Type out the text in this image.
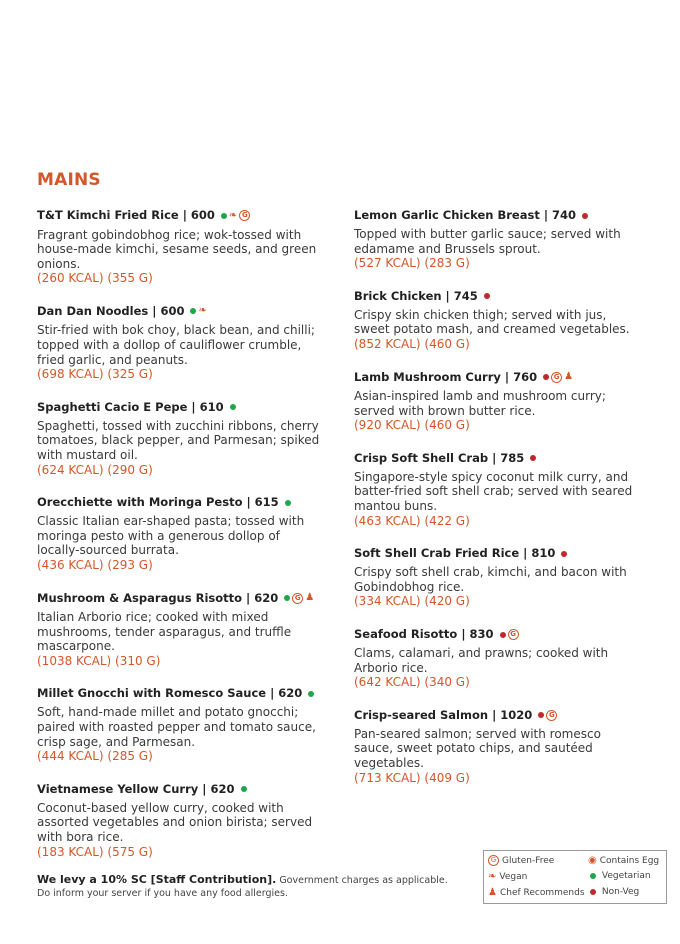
MAINS
T&T Kimchi Fried Rice | 600 ❧ G
Fragrant gobindobhog rice; wok-tossed with house-made kimchi, sesame seeds, and green onions.
(260 KCAL) (355 G)
Dan Dan Noodles | 600 ❧
Stir-fried with bok choy, black bean, and chilli; topped with a dollop of cauliflower crumble, fried garlic, and peanuts.
(698 KCAL) (325 G)
Spaghetti Cacio E Pepe | 610
Spaghetti, tossed with zucchini ribbons, cherry tomatoes, black pepper, and Parmesan; spiked with mustard oil.
(624 KCAL) (290 G)
Orecchiette with Moringa Pesto | 615
Classic Italian ear-shaped pasta; tossed with moringa pesto with a generous dollop of locally-sourced burrata.
(436 KCAL) (293 G)
Mushroom & Asparagus Risotto | 620 G ♟
Italian Arborio rice; cooked with mixed mushrooms, tender asparagus, and truffle mascarpone.
(1038 KCAL) (310 G)
Millet Gnocchi with Romesco Sauce | 620
Soft, hand-made millet and potato gnocchi; paired with roasted pepper and tomato sauce, crisp sage, and Parmesan.
(444 KCAL) (285 G)
Vietnamese Yellow Curry | 620
Coconut-based yellow curry, cooked with assorted vegetables and onion birista; served with bora rice.
(183 KCAL) (575 G)
Lemon Garlic Chicken Breast | 740
Topped with butter garlic sauce; served with edamame and Brussels sprout.
(527 KCAL) (283 G)
Brick Chicken | 745
Crispy skin chicken thigh; served with jus, sweet potato mash, and creamed vegetables.
(852 KCAL) (460 G)
Lamb Mushroom Curry | 760 G ♟
Asian-inspired lamb and mushroom curry; served with brown butter rice.
(920 KCAL) (460 G)
Crisp Soft Shell Crab | 785
Singapore-style spicy coconut milk curry, and batter-fried soft shell crab; served with seared mantou buns.
(463 KCAL) (422 G)
Soft Shell Crab Fried Rice | 810
Crispy soft shell crab, kimchi, and bacon with Gobindobhog rice.
(334 KCAL) (420 G)
Seafood Risotto | 830 G
Clams, calamari, and prawns; cooked with Arborio rice.
(642 KCAL) (340 G)
Crisp-seared Salmon | 1020 G
Pan-seared salmon; served with romesco sauce, sweet potato chips, and sautéed vegetables.
(713 KCAL) (409 G)
We levy a 10% SC [Staff Contribution]. Government charges as applicable.
Do inform your server if you have any food allergies.
G Gluten-Free	◉ Contains Egg
❧ Vegan	Vegetarian
♟ Chef Recommends	Non-Veg
